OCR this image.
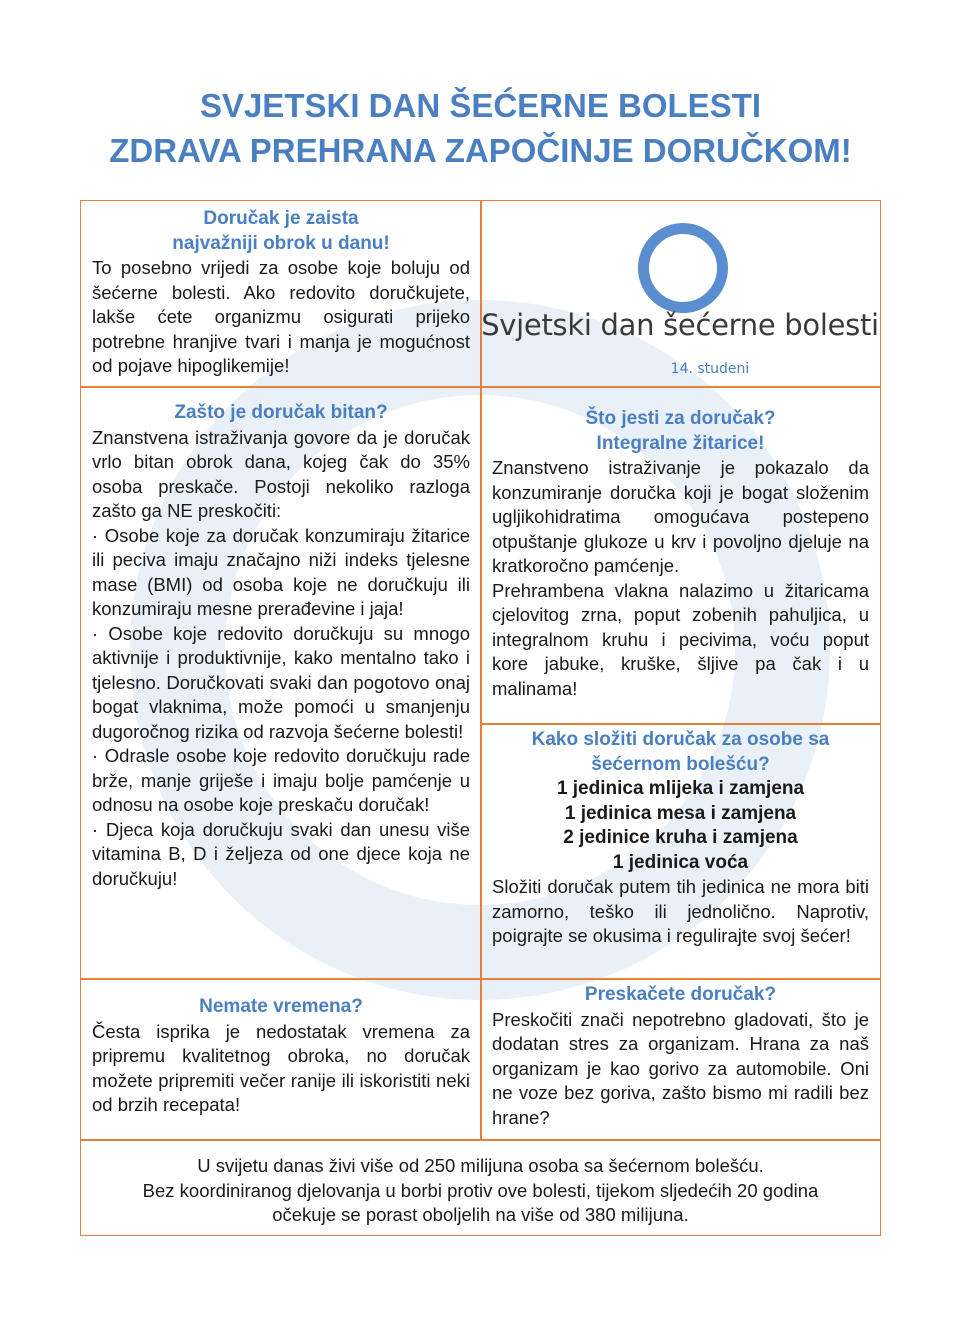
SVJETSKI DAN ŠEĆERNE BOLESTI
ZDRAVA PREHRANA ZAPOČINJE DORUČKOM!
Doručak je zaista
najvažniji obrok u danu!
To posebno vrijedi za osobe koje boluju od šećerne bolesti. Ako redovito doručkujete, lakše ćete organizmu osigurati prijeko potrebne hranjive tvari i manja je mogućnost od pojave hipoglikemije!
Svjetski dan šećerne bolesti
14. studeni
Zašto je doručak bitan?
Znanstvena istraživanja govore da je doručak vrlo bitan obrok dana, kojeg čak do 35% osoba preskače. Postoji nekoliko razloga zašto ga NE preskočiti:
· Osobe koje za doručak konzumiraju žitarice ili peciva imaju značajno niži indeks tjelesne mase (BMI) od osoba koje ne doručkuju ili konzumiraju mesne prerađevine i jaja!
· Osobe koje redovito doručkuju su mnogo aktivnije i produktivnije, kako mentalno tako i tjelesno. Doručkovati svaki dan pogotovo onaj bogat vlaknima, može pomoći u smanjenju dugoročnog rizika od razvoja šećerne bolesti!
· Odrasle osobe koje redovito doručkuju rade brže, manje griješe i imaju bolje pamćenje u odnosu na osobe koje preskaču doručak!
· Djeca koja doručkuju svaki dan unesu više vitamina B, D i željeza od one djece koja ne doručkuju!
Što jesti za doručak?
Integralne žitarice!
Znanstveno istraživanje je pokazalo da konzumiranje doručka koji je bogat složenim ugljikohidratima omogućava postepeno otpuštanje glukoze u krv i povoljno djeluje na kratkoročno pamćenje.
Prehrambena vlakna nalazimo u žitaricama cjelovitog zrna, poput zobenih pahuljica, u integralnom kruhu i pecivima, voću poput kore jabuke, kruške, šljive pa čak i u malinama!
Kako složiti doručak za osobe sa
šećernom bolešću?
1 jedinica mlijeka i zamjena
1 jedinica mesa i zamjena
2 jedinice kruha i zamjena
1 jedinica voća
Složiti doručak putem tih jedinica ne mora biti zamorno, teško ili jednolično. Naprotiv, poigrajte se okusima i regulirajte svoj šećer!
Nemate vremena?
Česta isprika je nedostatak vremena za pripremu kvalitetnog obroka, no doručak možete pripremiti večer ranije ili iskoristiti neki od brzih recepata!
Preskačete doručak?
Preskočiti znači nepotrebno gladovati, što je dodatan stres za organizam. Hrana za naš organizam je kao gorivo za automobile. Oni ne voze bez goriva, zašto bismo mi radili bez hrane?
U svijetu danas živi više od 250 milijuna osoba sa šećernom bolešću.
Bez koordiniranog djelovanja u borbi protiv ove bolesti, tijekom sljedećih 20 godina
očekuje se porast oboljelih na više od 380 milijuna.
